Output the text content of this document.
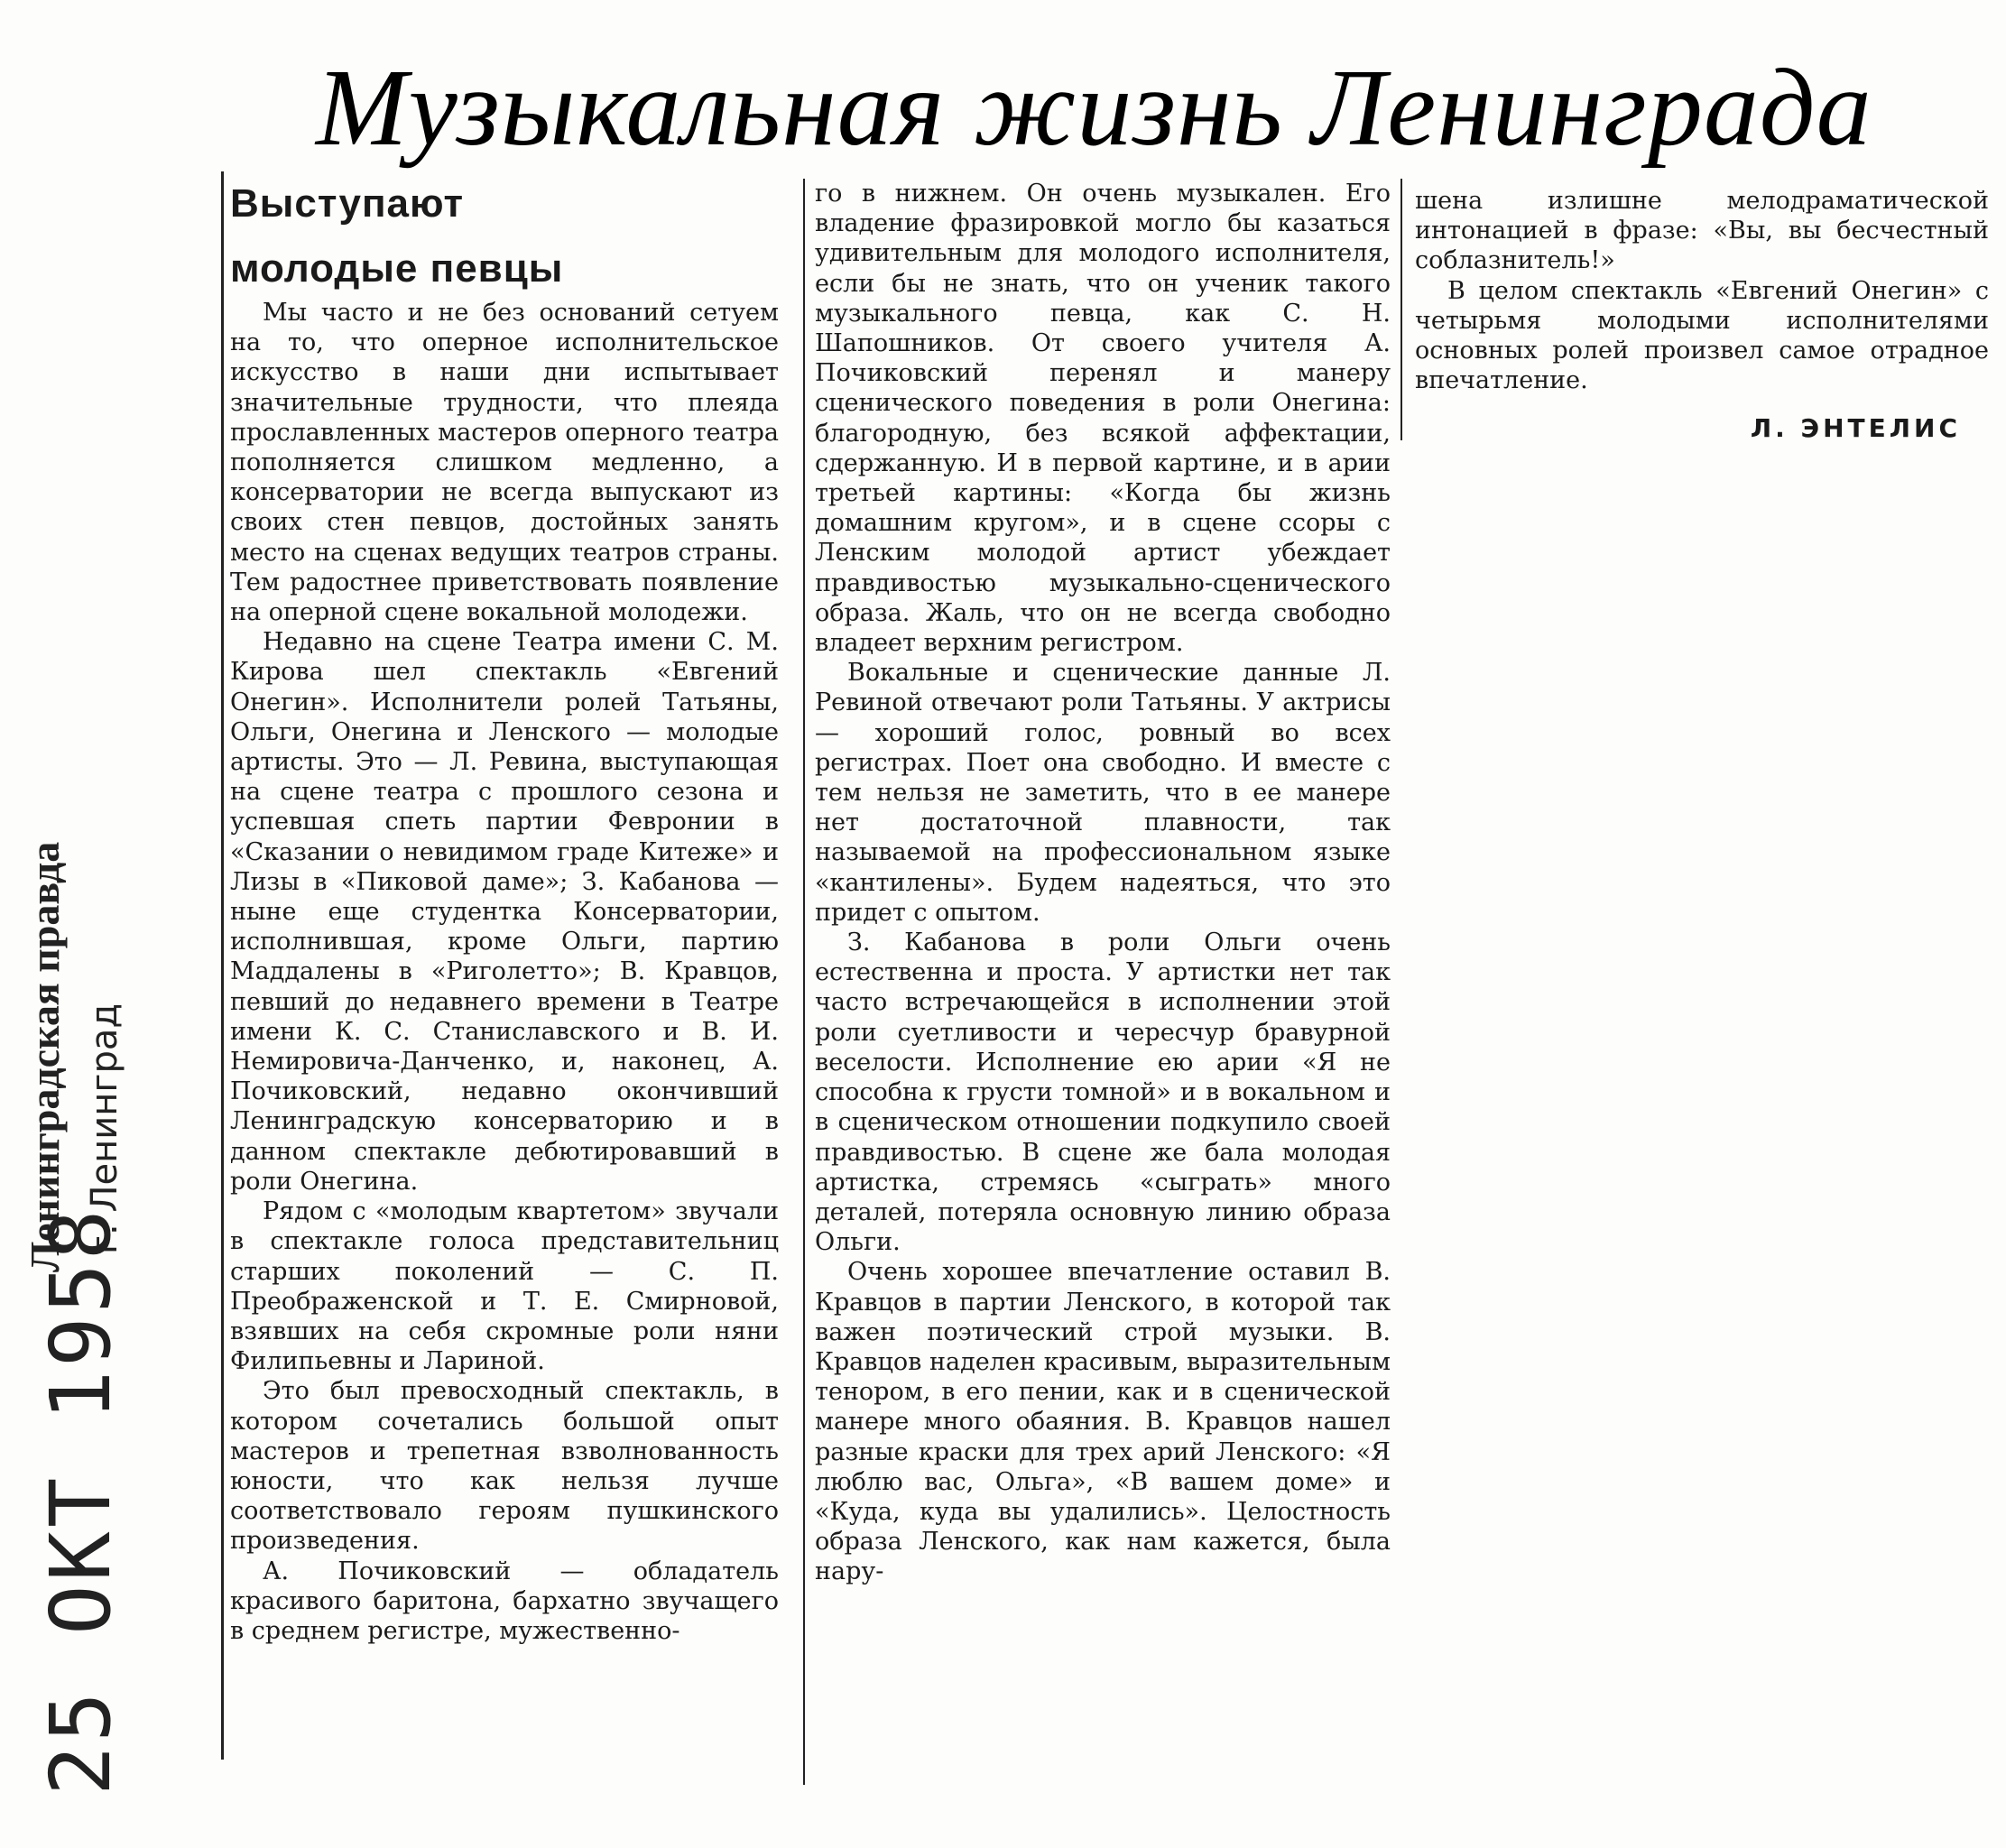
Музыкальная жизнь Ленинграда
Выступают
молодые певцы

Мы часто и не без оснований сетуем на то, что оперное исполнительское искусство в наши дни испытывает значительные трудности, что плеяда прославленных мастеров оперного театра пополняется слишком медленно, а консерватории не всегда выпускают из своих стен певцов, достойных занять место на сценах ведущих театров страны. Тем радостнее приветствовать появление на оперной сцене вокальной молодежи.

Недавно на сцене Театра имени С. М. Кирова шел спектакль «Евгений Онегин». Исполнители ролей Татьяны, Ольги, Онегина и Ленского — молодые артисты. Это — Л. Ревина, выступающая на сцене театра с прошлого сезона и успевшая спеть партии Февронии в «Сказании о невидимом граде Китеже» и Лизы в «Пиковой даме»; З. Кабанова — ныне еще студентка Консерватории, исполнившая, кроме Ольги, партию Маддалены в «Риголетто»; В. Кравцов, певший до недавнего времени в Театре имени К. С. Станиславского и В. И. Немировича-Данченко, и, наконец, А. Почиковский, недавно окончивший Ленинградскую консерваторию и в данном спектакле дебютировавший в роли Онегина.

Рядом с «молодым квартетом» звучали в спектакле голоса представительниц старших поколений — С. П. Преображенской и Т. Е. Смирновой, взявших на себя скромные роли няни Филипьевны и Лариной.

Это был превосходный спектакль, в котором сочетались большой опыт мастеров и трепетная взволнованность юности, что как нельзя лучше соответствовало героям пушкинского произведения.

А. Почиковский — обладатель красивого баритона, бархатно звучащего в среднем регистре, мужественно-

го в нижнем. Он очень музыкален. Его владение фразировкой могло бы казаться удивительным для молодого исполнителя, если бы не знать, что он ученик такого музыкального певца, как С. Н. Шапошников. От своего учителя А. Почиковский перенял и манеру сценического поведения в роли Онегина: благородную, без всякой аффектации, сдержанную. И в первой картине, и в арии третьей картины: «Когда бы жизнь домашним кругом», и в сцене ссоры с Ленским молодой артист убеждает правдивостью музыкально-сценического образа. Жаль, что он не всегда свободно владеет верхним регистром.

Вокальные и сценические данные Л. Ревиной отвечают роли Татьяны. У актрисы — хороший голос, ровный во всех регистрах. Поет она свободно. И вместе с тем нельзя не заметить, что в ее манере нет достаточной плавности, так называемой на профессиональном языке «кантилены». Будем надеяться, что это придет с опытом.

З. Кабанова в роли Ольги очень естественна и проста. У артистки нет так часто встречающейся в исполнении этой роли суетливости и чересчур бравурной веселости. Исполнение ею арии «Я не способна к грусти томной» и в вокальном и в сценическом отношении подкупило своей правдивостью. В сцене же бала молодая артистка, стремясь «сыграть» много деталей, потеряла основную линию образа Ольги.

Очень хорошее впечатление оставил В. Кравцов в партии Ленского, в которой так важен поэтический строй музыки. В. Кравцов наделен красивым, выразительным тенором, в его пении, как и в сценической манере много обаяния. В. Кравцов нашел разные краски для трех арий Ленского: «Я люблю вас, Ольга», «В вашем доме» и «Куда, куда вы удалились». Целостность образа Ленского, как нам кажется, была нару-

шена излишне мелодраматической интонацией в фразе: «Вы, вы бесчестный соблазнитель!»

В целом спектакль «Евгений Онегин» с четырьмя молодыми исполнителями основных ролей произвел самое отрадное впечатление.

Л. ЭНТЕЛИС

25 ОКТ 1958
Ленинградская правда г. Ленинград
